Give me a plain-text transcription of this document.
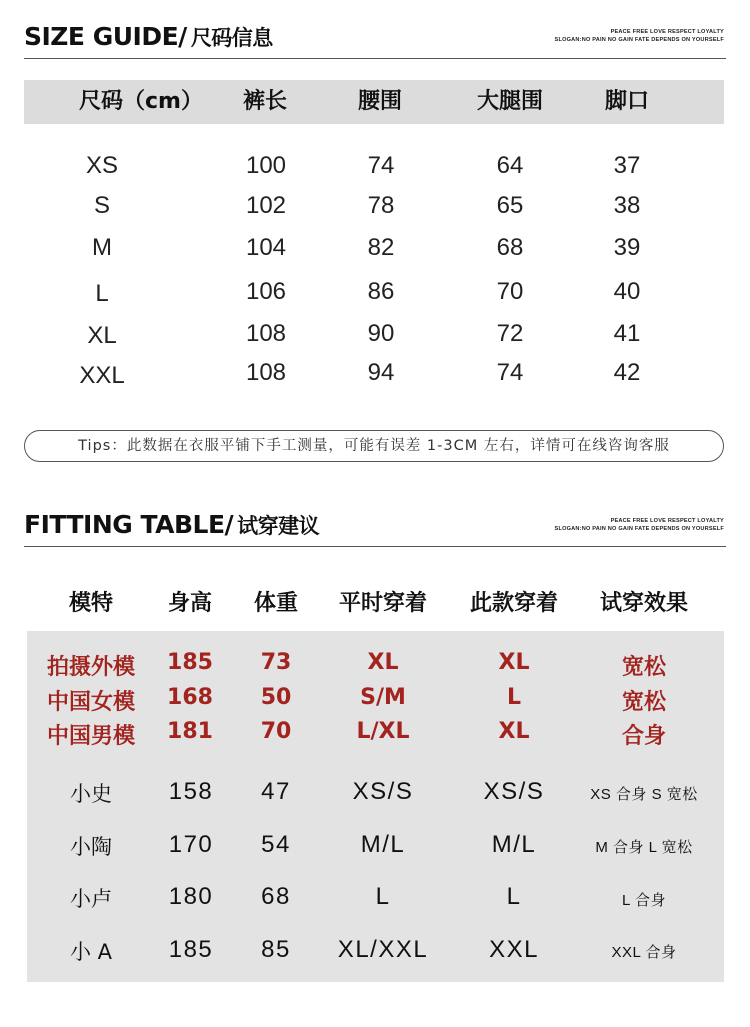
SIZE GUIDE/ 尺码信息	PEACE FREE LOVE RESPECT LOYALTY
SLOGAN:NO PAIN NO GAIN FATE DEPENDS ON YOURSELF
尺码（cm） 裤长	腰围	大腿围	脚口
XS	100	74	64	37
S	102	78	65	38
M	104	82	68	39
L	106	86	70	40
XL	108	90	72	41
XXL	108	94	74	42
Tips：此数据在衣服平铺下手工测量，可能有误差 1-3CM 左右，详情可在线咨询客服
FITTING TABLE/ 试穿建议	PEACE FREE LOVE RESPECT LOYALTY
SLOGAN:NO PAIN NO GAIN FATE DEPENDS ON YOURSELF
模特 身高 体重 平时穿着 此款穿着 试穿效果
拍摄外模 185 73	XL	XL	宽松
中国女模 168 50	S/M	L	宽松
中国男模 181 70	L/XL	XL	合身
小史 158 47	XS/S	XS/S	XS 合身 S 宽松
小陶 170 54	M/L	M/L	M 合身 L 宽松
小卢 180 68	L	L	L 合身
小 A 185 85 XL/XXL	XXL	XXL 合身
